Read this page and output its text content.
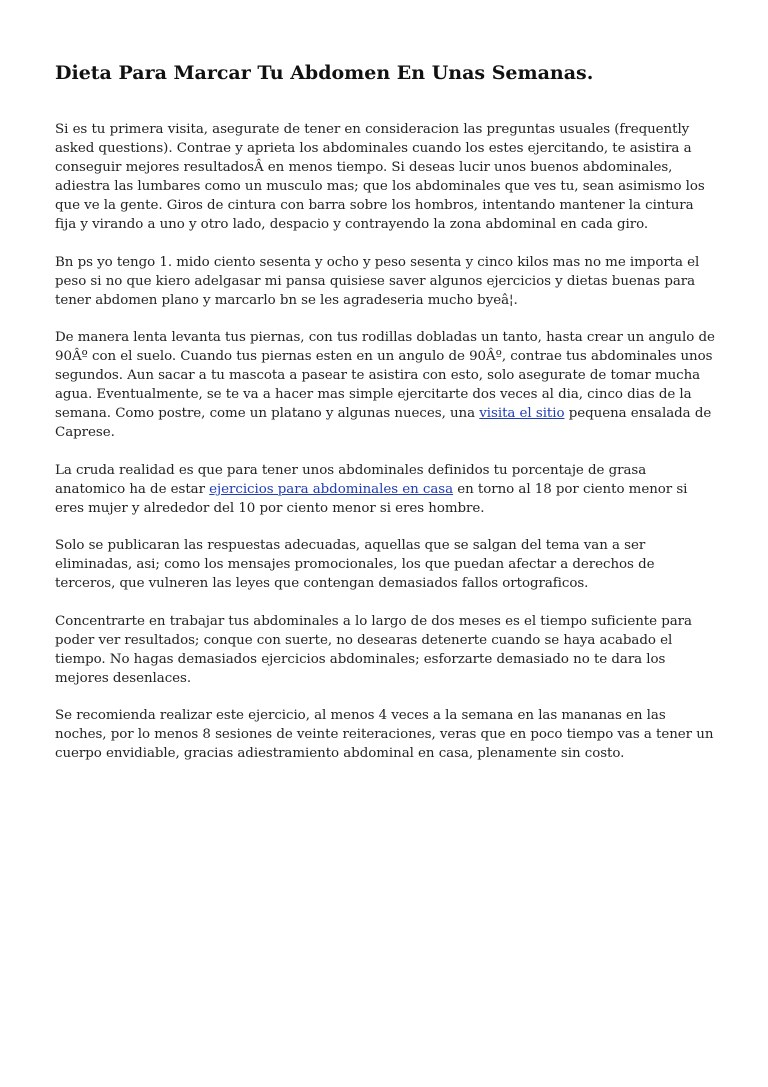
Dieta Para Marcar Tu Abdomen En Unas Semanas.

Si es tu primera visita, asegurate de tener en consideracion las preguntas usuales (frequently asked questions). Contrae y aprieta los abdominales cuando los estes ejercitando, te asistira a conseguir mejores resultadosÂ en menos tiempo. Si deseas lucir unos buenos abdominales, adiestra las lumbares como un musculo mas; que los abdominales que ves tu, sean asimismo los que ve la gente. Giros de cintura con barra sobre los hombros, intentando mantener la cintura fija y virando a uno y otro lado, despacio y contrayendo la zona abdominal en cada giro.

Bn ps yo tengo 1. mido ciento sesenta y ocho y peso sesenta y cinco kilos mas no me importa el peso si no que kiero adelgasar mi pansa quisiese saver algunos ejercicios y dietas buenas para tener abdomen plano y marcarlo bn se les agradeseria mucho byeâ¦.

De manera lenta levanta tus piernas, con tus rodillas dobladas un tanto, hasta crear un angulo de 90Âº con el suelo. Cuando tus piernas esten en un angulo de 90Âº, contrae tus abdominales unos segundos. Aun sacar a tu mascota a pasear te asistira con esto, solo asegurate de tomar mucha agua. Eventualmente, se te va a hacer mas simple ejercitarte dos veces al dia, cinco dias de la semana. Como postre, come un platano y algunas nueces, una visita el sitio pequena ensalada de Caprese.

La cruda realidad es que para tener unos abdominales definidos tu porcentaje de grasa anatomico ha de estar ejercicios para abdominales en casa en torno al 18 por ciento menor si eres mujer y alrededor del 10 por ciento menor si eres hombre.

Solo se publicaran las respuestas adecuadas, aquellas que se salgan del tema van a ser eliminadas, asi; como los mensajes promocionales, los que puedan afectar a derechos de terceros, que vulneren las leyes que contengan demasiados fallos ortograficos.

Concentrarte en trabajar tus abdominales a lo largo de dos meses es el tiempo suficiente para poder ver resultados; conque con suerte, no desearas detenerte cuando se haya acabado el tiempo. No hagas demasiados ejercicios abdominales; esforzarte demasiado no te dara los mejores desenlaces.

Se recomienda realizar este ejercicio, al menos 4 veces a la semana en las mananas en las noches, por lo menos 8 sesiones de veinte reiteraciones, veras que en poco tiempo vas a tener un cuerpo envidiable, gracias adiestramiento abdominal en casa, plenamente sin costo.
